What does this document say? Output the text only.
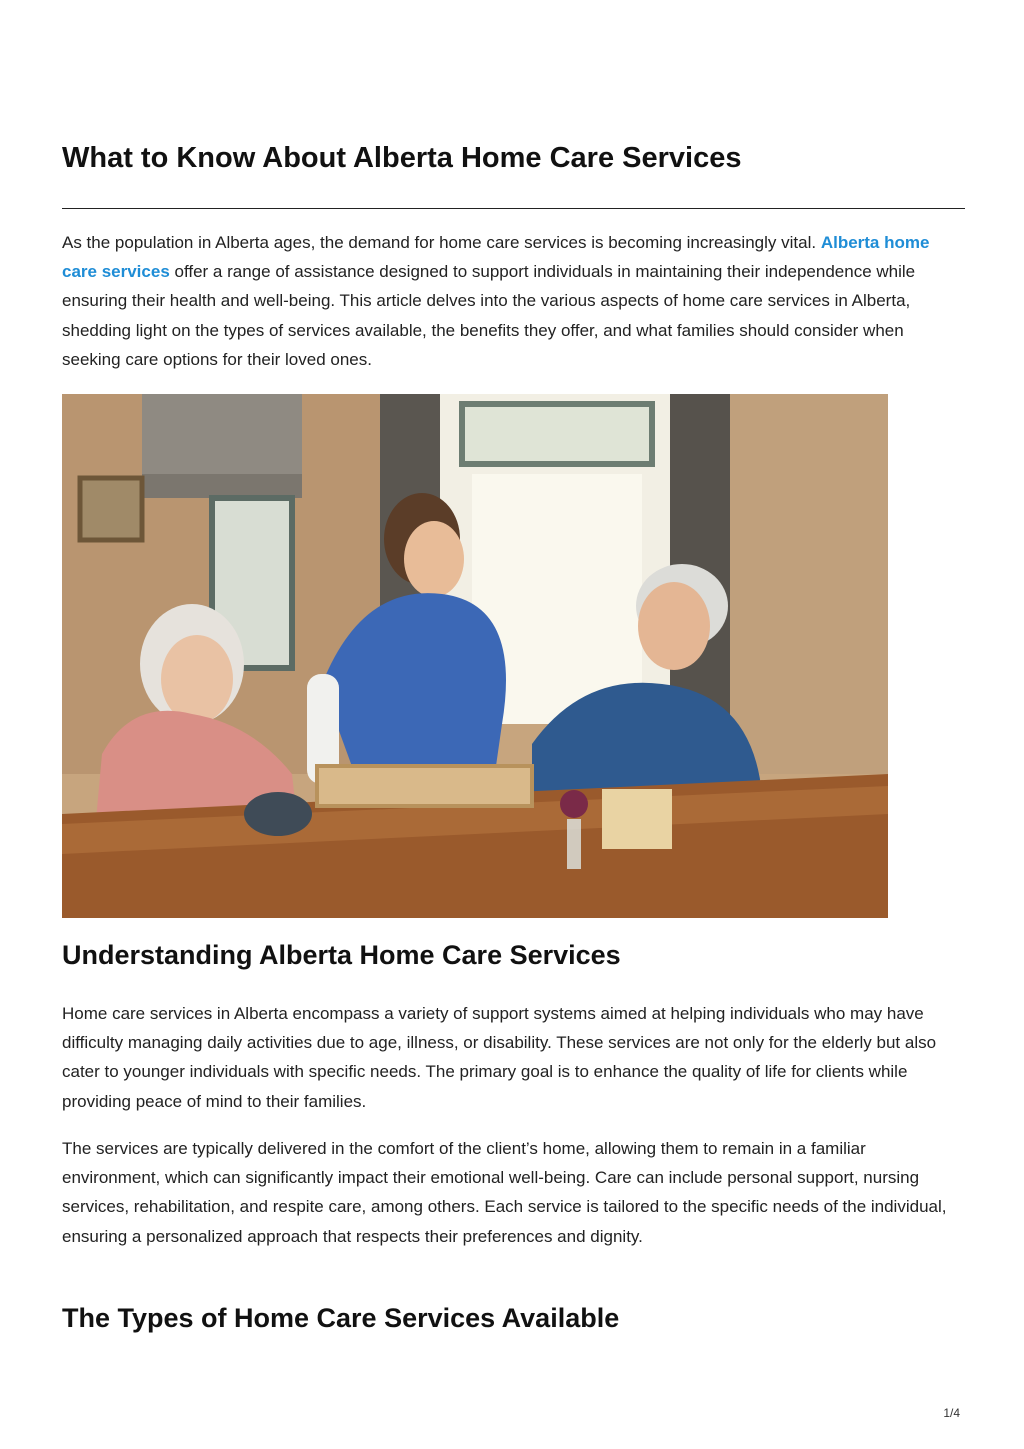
What to Know About Alberta Home Care Services

As the population in Alberta ages, the demand for home care services is becoming increasingly vital. Alberta home care services offer a range of assistance designed to support individuals in maintaining their independence while ensuring their health and well-being. This article delves into the various aspects of home care services in Alberta, shedding light on the types of services available, the benefits they offer, and what families should consider when seeking care options for their loved ones.

Understanding Alberta Home Care Services

Home care services in Alberta encompass a variety of support systems aimed at helping individuals who may have difficulty managing daily activities due to age, illness, or disability. These services are not only for the elderly but also cater to younger individuals with specific needs. The primary goal is to enhance the quality of life for clients while providing peace of mind to their families.

The services are typically delivered in the comfort of the client’s home, allowing them to remain in a familiar environment, which can significantly impact their emotional well-being. Care can include personal support, nursing services, rehabilitation, and respite care, among others. Each service is tailored to the specific needs of the individual, ensuring a personalized approach that respects their preferences and dignity.

The Types of Home Care Services Available
1/4
